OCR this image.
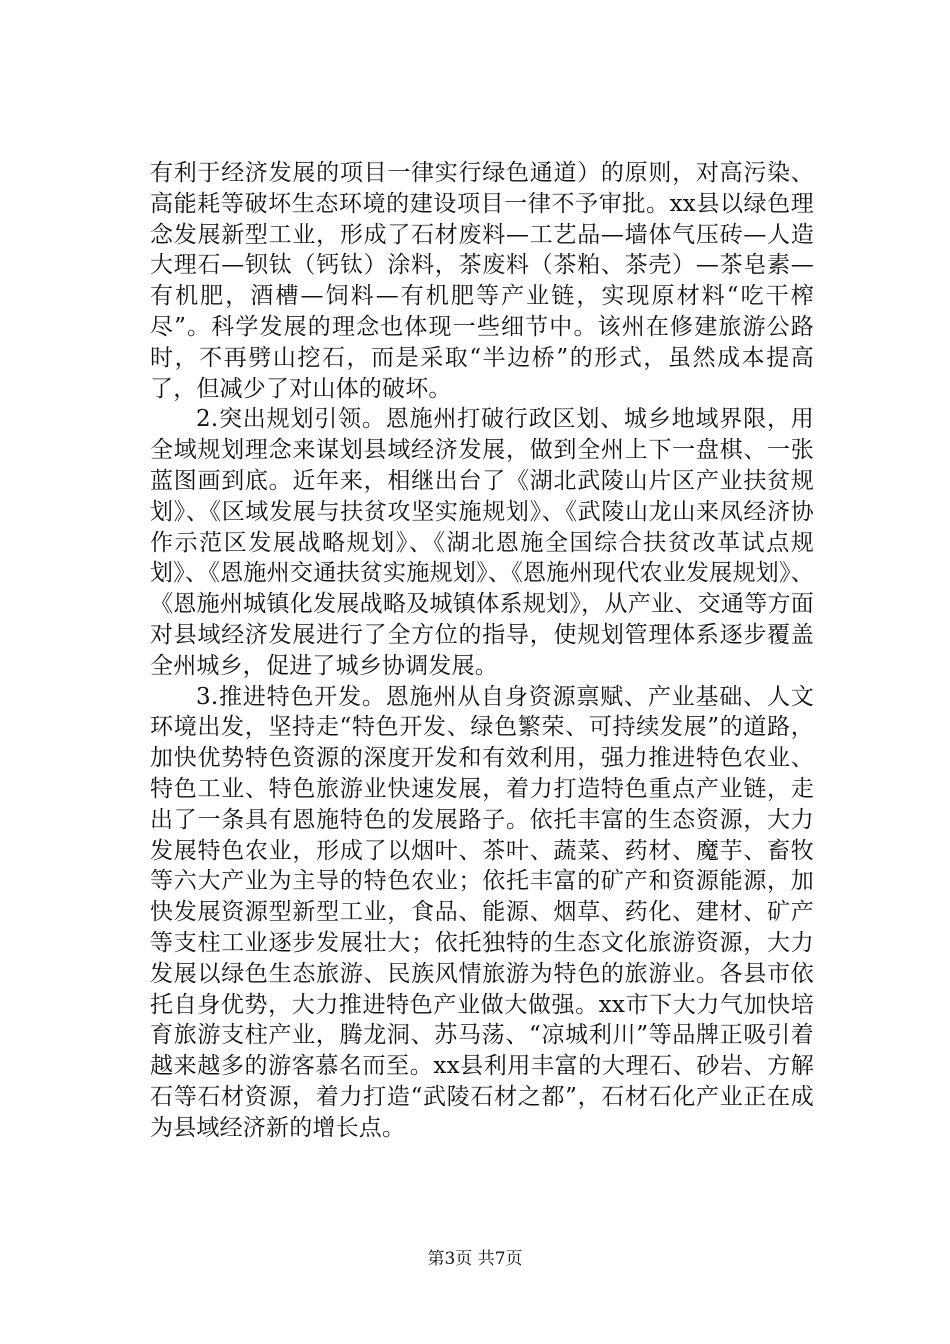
有利于经济发展的项目一律实行绿色通道）的原则，对高污染、高能耗等破坏生态环境的建设项目一律不予审批。xx县以绿色理念发展新型工业，形成了石材废料—工艺品—墙体气压砖—人造大理石—钡钛（钙钛）涂料，茶废料（茶粕、茶壳）—茶皂素—有机肥，酒槽—饲料—有机肥等产业链，实现原材料“吃干榨尽”。科学发展的理念也体现一些细节中。该州在修建旅游公路时，不再劈山挖石，而是采取“半边桥”的形式，虽然成本提高了，但减少了对山体的破坏。

2.突出规划引领。恩施州打破行政区划、城乡地域界限，用全域规划理念来谋划县域经济发展，做到全州上下一盘棋、一张蓝图画到底。近年来，相继出台了《湖北武陵山片区产业扶贫规划》、《区域发展与扶贫攻坚实施规划》、《武陵山龙山来凤经济协作示范区发展战略规划》、《湖北恩施全国综合扶贫改革试点规划》、《恩施州交通扶贫实施规划》、《恩施州现代农业发展规划》、《恩施州城镇化发展战略及城镇体系规划》，从产业、交通等方面对县域经济发展进行了全方位的指导，使规划管理体系逐步覆盖全州城乡，促进了城乡协调发展。

3.推进特色开发。恩施州从自身资源禀赋、产业基础、人文环境出发，坚持走“特色开发、绿色繁荣、可持续发展”的道路，加快优势特色资源的深度开发和有效利用，强力推进特色农业、特色工业、特色旅游业快速发展，着力打造特色重点产业链，走出了一条具有恩施特色的发展路子。依托丰富的生态资源，大力发展特色农业，形成了以烟叶、茶叶、蔬菜、药材、魔芋、畜牧等六大产业为主导的特色农业；依托丰富的矿产和资源能源，加快发展资源型新型工业，食品、能源、烟草、药化、建材、矿产等支柱工业逐步发展壮大；依托独特的生态文化旅游资源，大力发展以绿色生态旅游、民族风情旅游为特色的旅游业。各县市依托自身优势，大力推进特色产业做大做强。xx市下大力气加快培育旅游支柱产业，腾龙洞、苏马荡、“凉城利川”等品牌正吸引着越来越多的游客慕名而至。xx县利用丰富的大理石、砂岩、方解石等石材资源，着力打造“武陵石材之都”，石材石化产业正在成为县域经济新的增长点。

第3页 共7页
